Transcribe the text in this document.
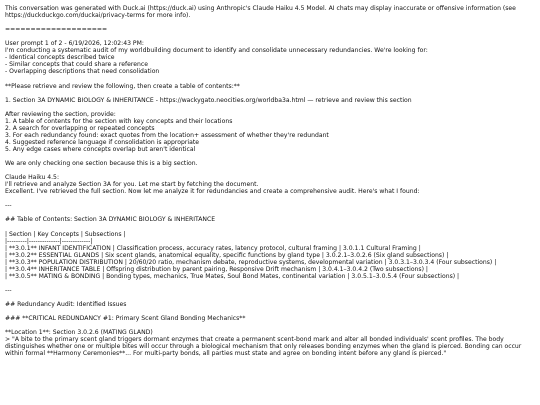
This conversation was generated with Duck.ai (https://duck.ai) using Anthropic's Claude Haiku 4.5 Model. AI chats may display inaccurate or offensive information (see https://duckduckgo.com/duckai/privacy-terms for more info).
====================
User prompt 1 of 2 - 6/19/2026, 12:02:43 PM:
I'm conducting a systematic audit of my worldbuilding document to identify and consolidate unnecessary redundancies. We're looking for:
- Identical concepts described twice
- Similar concepts that could share a reference
- Overlapping descriptions that need consolidation
**Please retrieve and review the following, then create a table of contents:**
1. Section 3A DYNAMIC BIOLOGY & INHERITANCE - https://wackygato.neocities.org/worldba3a.html — retrieve and review this section
After reviewing the section, provide:
1. A table of contents for the section with key concepts and their locations
2. A search for overlapping or repeated concepts
3. For each redundancy found: exact quotes from the location+ assessment of whether they're redundant
4. Suggested reference language if consolidation is appropriate
5. Any edge cases where concepts overlap but aren't identical
We are only checking one section because this is a big section.
Claude Haiku 4.5:
I'll retrieve and analyze Section 3A for you. Let me start by fetching the document.
Excellent. I've retrieved the full section. Now let me analyze it for redundancies and create a comprehensive audit. Here's what I found:
---
## Table of Contents: Section 3A DYNAMIC BIOLOGY & INHERITANCE
| Section | Key Concepts | Subsections |
|---------|--------------|-------------|
| **3.0.1** INFANT IDENTIFICATION | Classification process, accuracy rates, latency protocol, cultural framing | 3.0.1.1 Cultural Framing |
| **3.0.2** ESSENTIAL GLANDS | Six scent glands, anatomical equality, specific functions by gland type | 3.0.2.1–3.0.2.6 (Six gland subsections) |
| **3.0.3** POPULATION DISTRIBUTION | 20/60/20 ratio, mechanism debate, reproductive systems, developmental variation | 3.0.3.1–3.0.3.4 (Four subsections) |
| **3.0.4** INHERITANCE TABLE | Offspring distribution by parent pairing, Responsive Drift mechanism | 3.0.4.1–3.0.4.2 (Two subsections) |
| **3.0.5** MATING & BONDING | Bonding types, mechanics, True Mates, Soul Bond Mates, continental variation | 3.0.5.1–3.0.5.4 (Four subsections) |
---
## Redundancy Audit: Identified Issues
### **CRITICAL REDUNDANCY #1: Primary Scent Gland Bonding Mechanics**
**Location 1**: Section 3.0.2.6 (MATING GLAND)
> "A bite to the primary scent gland triggers dormant enzymes that create a permanent scent-bond mark and alter all bonded individuals' scent profiles. The body distinguishes whether one or multiple bites will occur through a biological mechanism that only releases bonding enzymes when the gland is pierced. Bonding can occur within formal **Harmony Ceremonies**... For multi-party bonds, all parties must state and agree on bonding intent before any gland is pierced."
